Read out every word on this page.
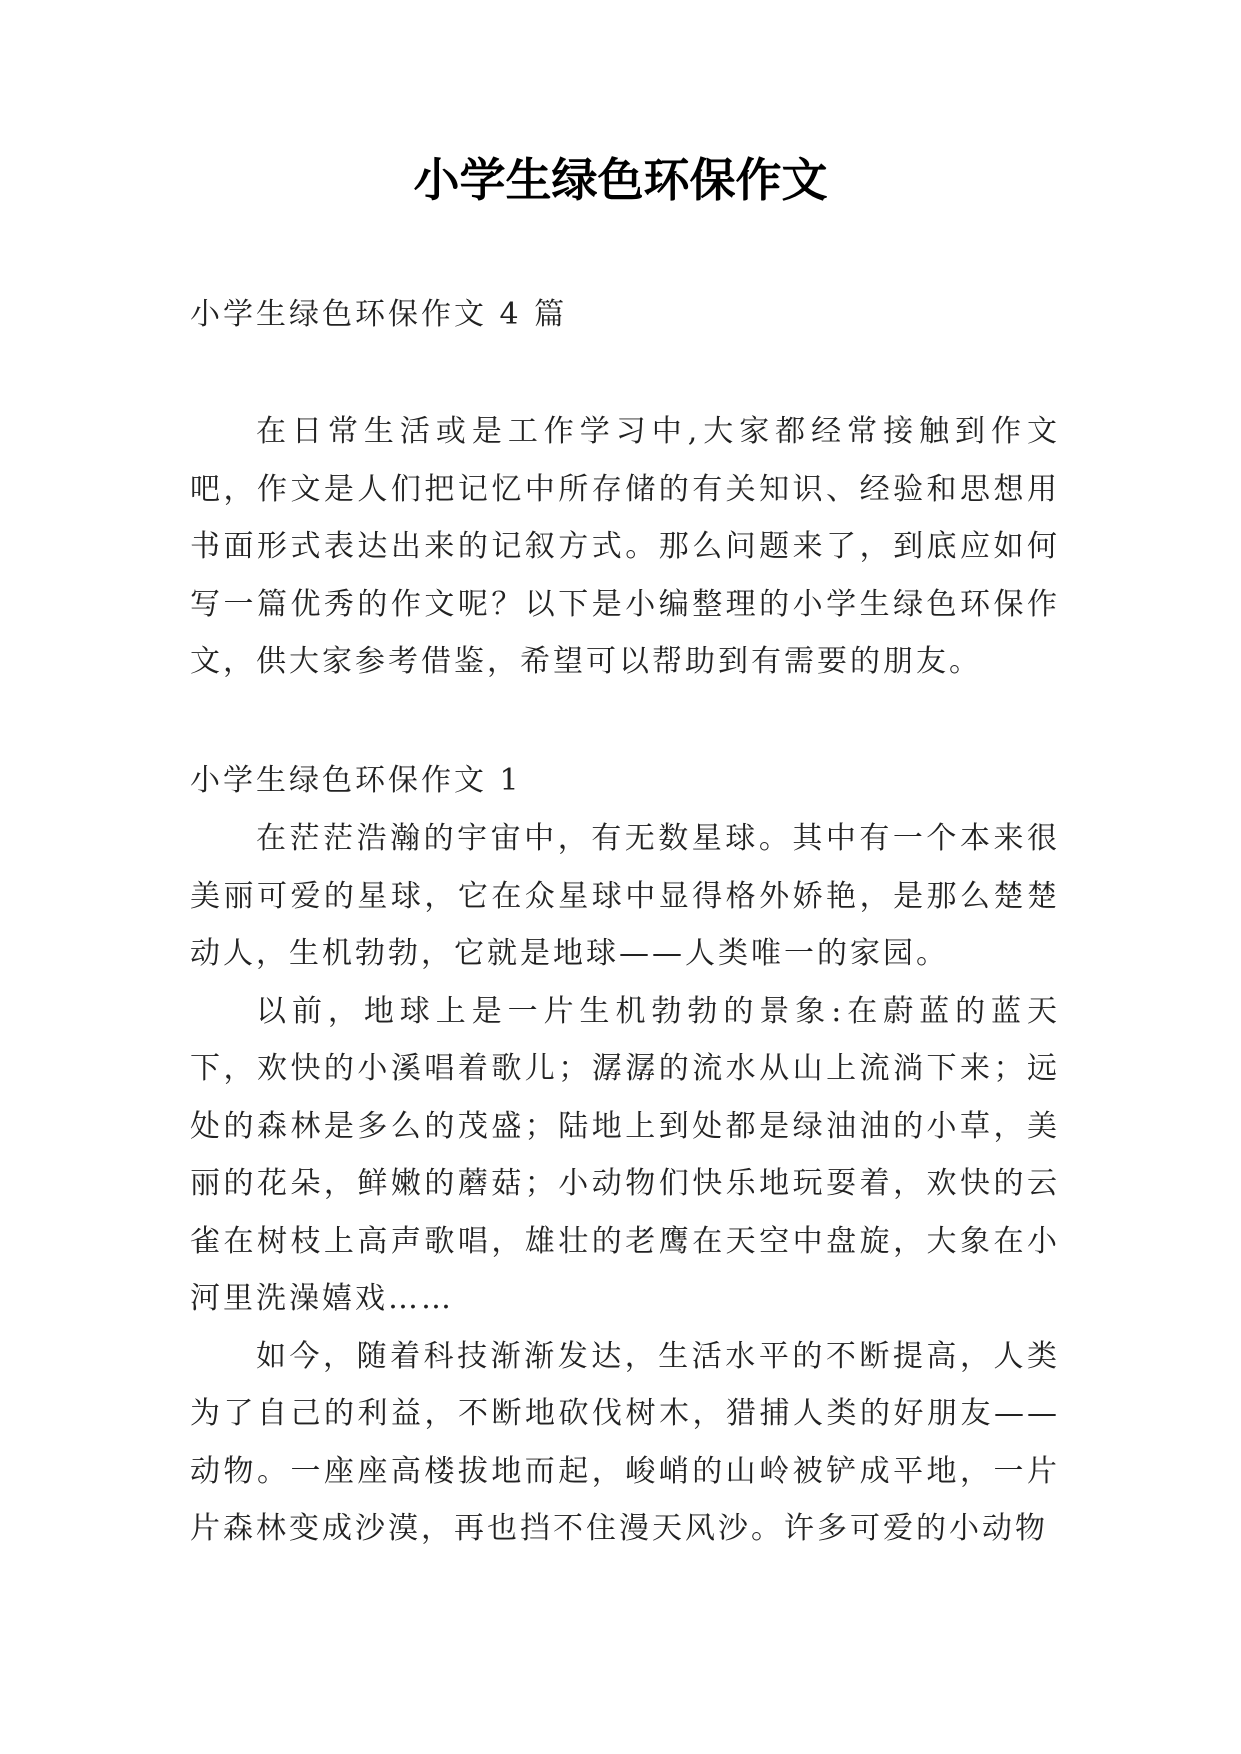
小学生绿色环保作文
小学生绿色环保作文 4 篇

在日常生活或是工作学习中,大家都经常接触到作文吧，作文是人们把记忆中所存储的有关知识、经验和思想用书面形式表达出来的记叙方式。那么问题来了，到底应如何写一篇优秀的作文呢？以下是小编整理的小学生绿色环保作文，供大家参考借鉴，希望可以帮助到有需要的朋友。

小学生绿色环保作文 1

在茫茫浩瀚的宇宙中，有无数星球。其中有一个本来很美丽可爱的星球，它在众星球中显得格外娇艳，是那么楚楚动人，生机勃勃，它就是地球——人类唯一的家园。

以前，地球上是一片生机勃勃的景象:在蔚蓝的蓝天下，欢快的小溪唱着歌儿；潺潺的流水从山上流淌下来；远处的森林是多么的茂盛；陆地上到处都是绿油油的小草，美丽的花朵，鲜嫩的蘑菇；小动物们快乐地玩耍着，欢快的云雀在树枝上高声歌唱，雄壮的老鹰在天空中盘旋，大象在小河里洗澡嬉戏……

如今，随着科技渐渐发达，生活水平的不断提高，人类为了自己的利益，不断地砍伐树木，猎捕人类的好朋友——动物。一座座高楼拔地而起，峻峭的山岭被铲成平地，一片片森林变成沙漠，再也挡不住漫天风沙。许多可爱的小动物
